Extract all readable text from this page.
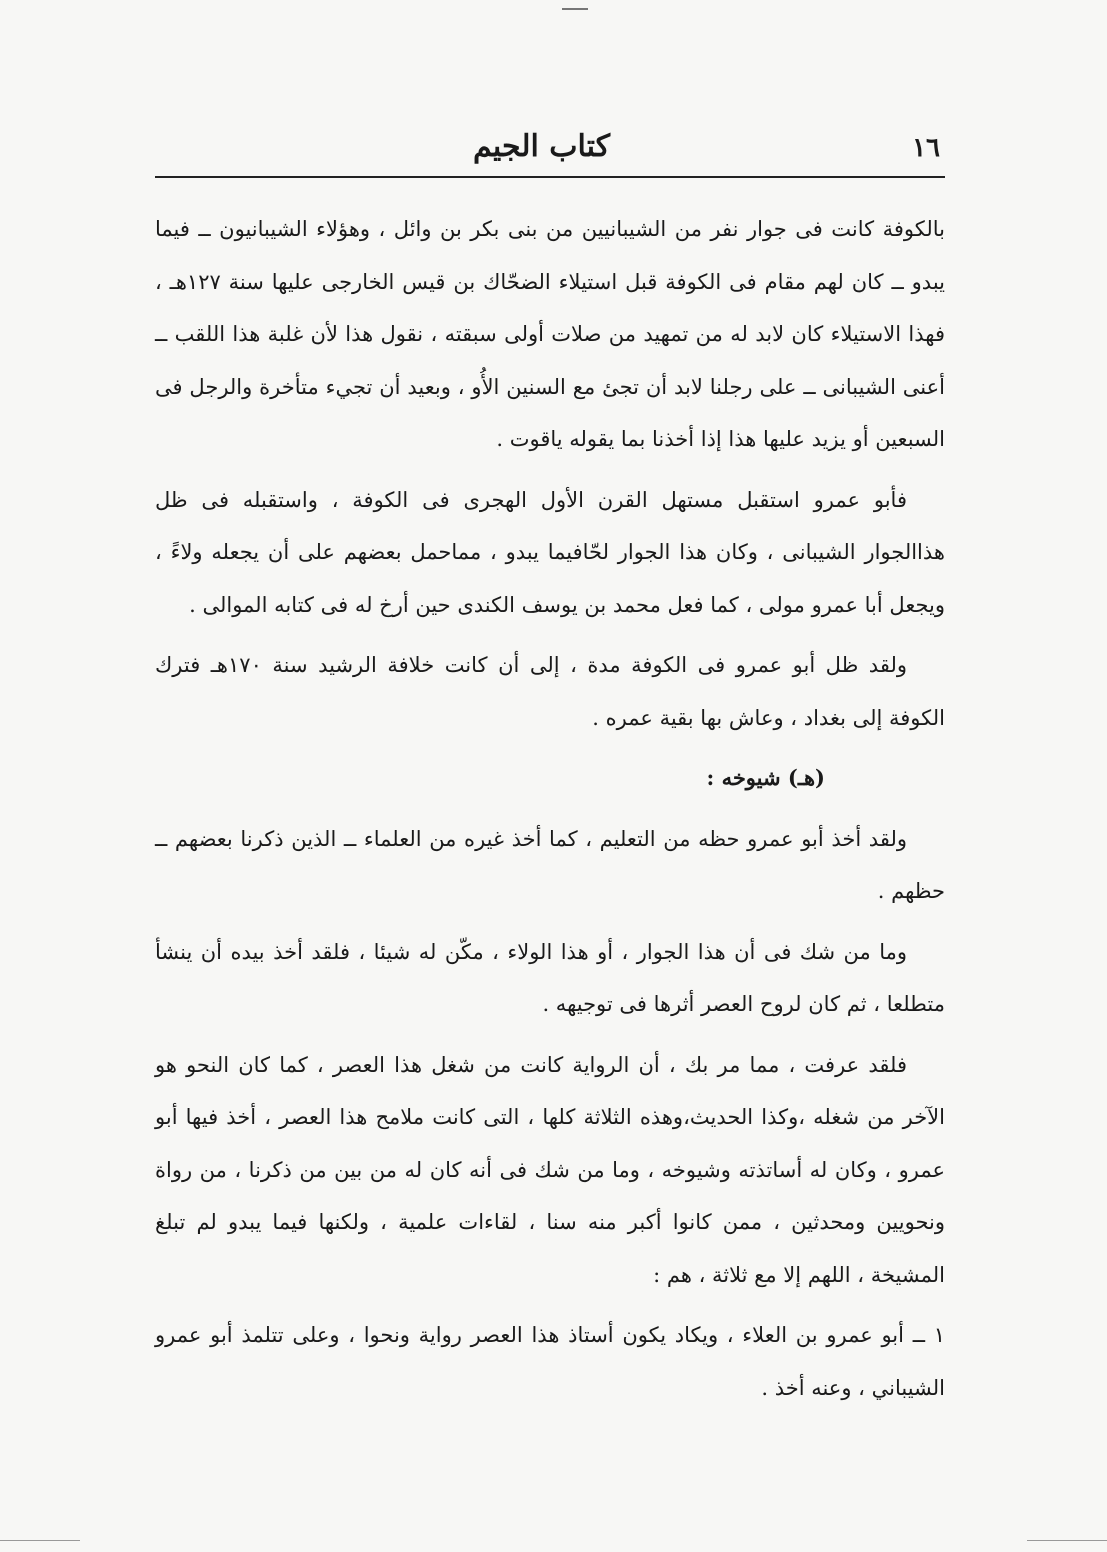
١٦
كتاب الجيم

بالكوفة كانت فى جوار نفر من الشيبانيين من بنى بكر بن وائل ، وهؤلاء الشيبانيون ــ فيما يبدو ــ كان لهم مقام فى الكوفة قبل استيلاء الضحّاك بن قيس الخارجى عليها سنة ١٢٧هـ ، فهذا الاستيلاء كان لابد له من تمهيد من صلات أولى سبقته ، نقول هذا لأن غلبة هذا اللقب ــ أعنى الشيبانى ــ على رجلنا لابد أن تجئ مع السنين الأُو ، وبعيد أن تجيء متأخرة والرجل فى السبعين أو يزيد عليها هذا إذا أخذنا بما يقوله ياقوت .

فأبو عمرو استقبل مستهل القرن الأول الهجرى فى الكوفة ، واستقبله فى ظل هذاالجوار الشيبانى ، وكان هذا الجوار لحّافيما يبدو ، مماحمل بعضهم على أن يجعله ولاءً ، ويجعل أبا عمرو مولى ، كما فعل محمد بن يوسف الكندى حين أرخ له فى كتابه الموالى .

ولقد ظل أبو عمرو فى الكوفة مدة ، إلى أن كانت خلافة الرشيد سنة ١٧٠هـ فترك الكوفة إلى بغداد ، وعاش بها بقية عمره .

(هـ) شيوخه :

ولقد أخذ أبو عمرو حظه من التعليم ، كما أخذ غيره من العلماء ــ الذين ذكرنا بعضهم ــ حظهم .

وما من شك فى أن هذا الجوار ، أو هذا الولاء ، مكّن له شيئا ، فلقد أخذ بيده أن ينشأ متطلعا ، ثم كان لروح العصر أثرها فى توجيهه .

فلقد عرفت ، مما مر بك ، أن الرواية كانت من شغل هذا العصر ، كما كان النحو هو الآخر من شغله ،وكذا الحديث،وهذه الثلاثة كلها ، التى كانت ملامح هذا العصر ، أخذ فيها أبو عمرو ، وكان له أساتذته وشيوخه ، وما من شك فى أنه كان له من بين من ذكرنا ، من رواة ونحويين ومحدثين ، ممن كانوا أكبر منه سنا ، لقاءات علمية ، ولكنها فيما يبدو لم تبلغ المشيخة ، اللهم إلا مع ثلاثة ، هم :

١ ــ أبو عمرو بن العلاء ، ويكاد يكون أستاذ هذا العصر رواية ونحوا ، وعلى تتلمذ أبو عمرو الشيباني ، وعنه أخذ .
